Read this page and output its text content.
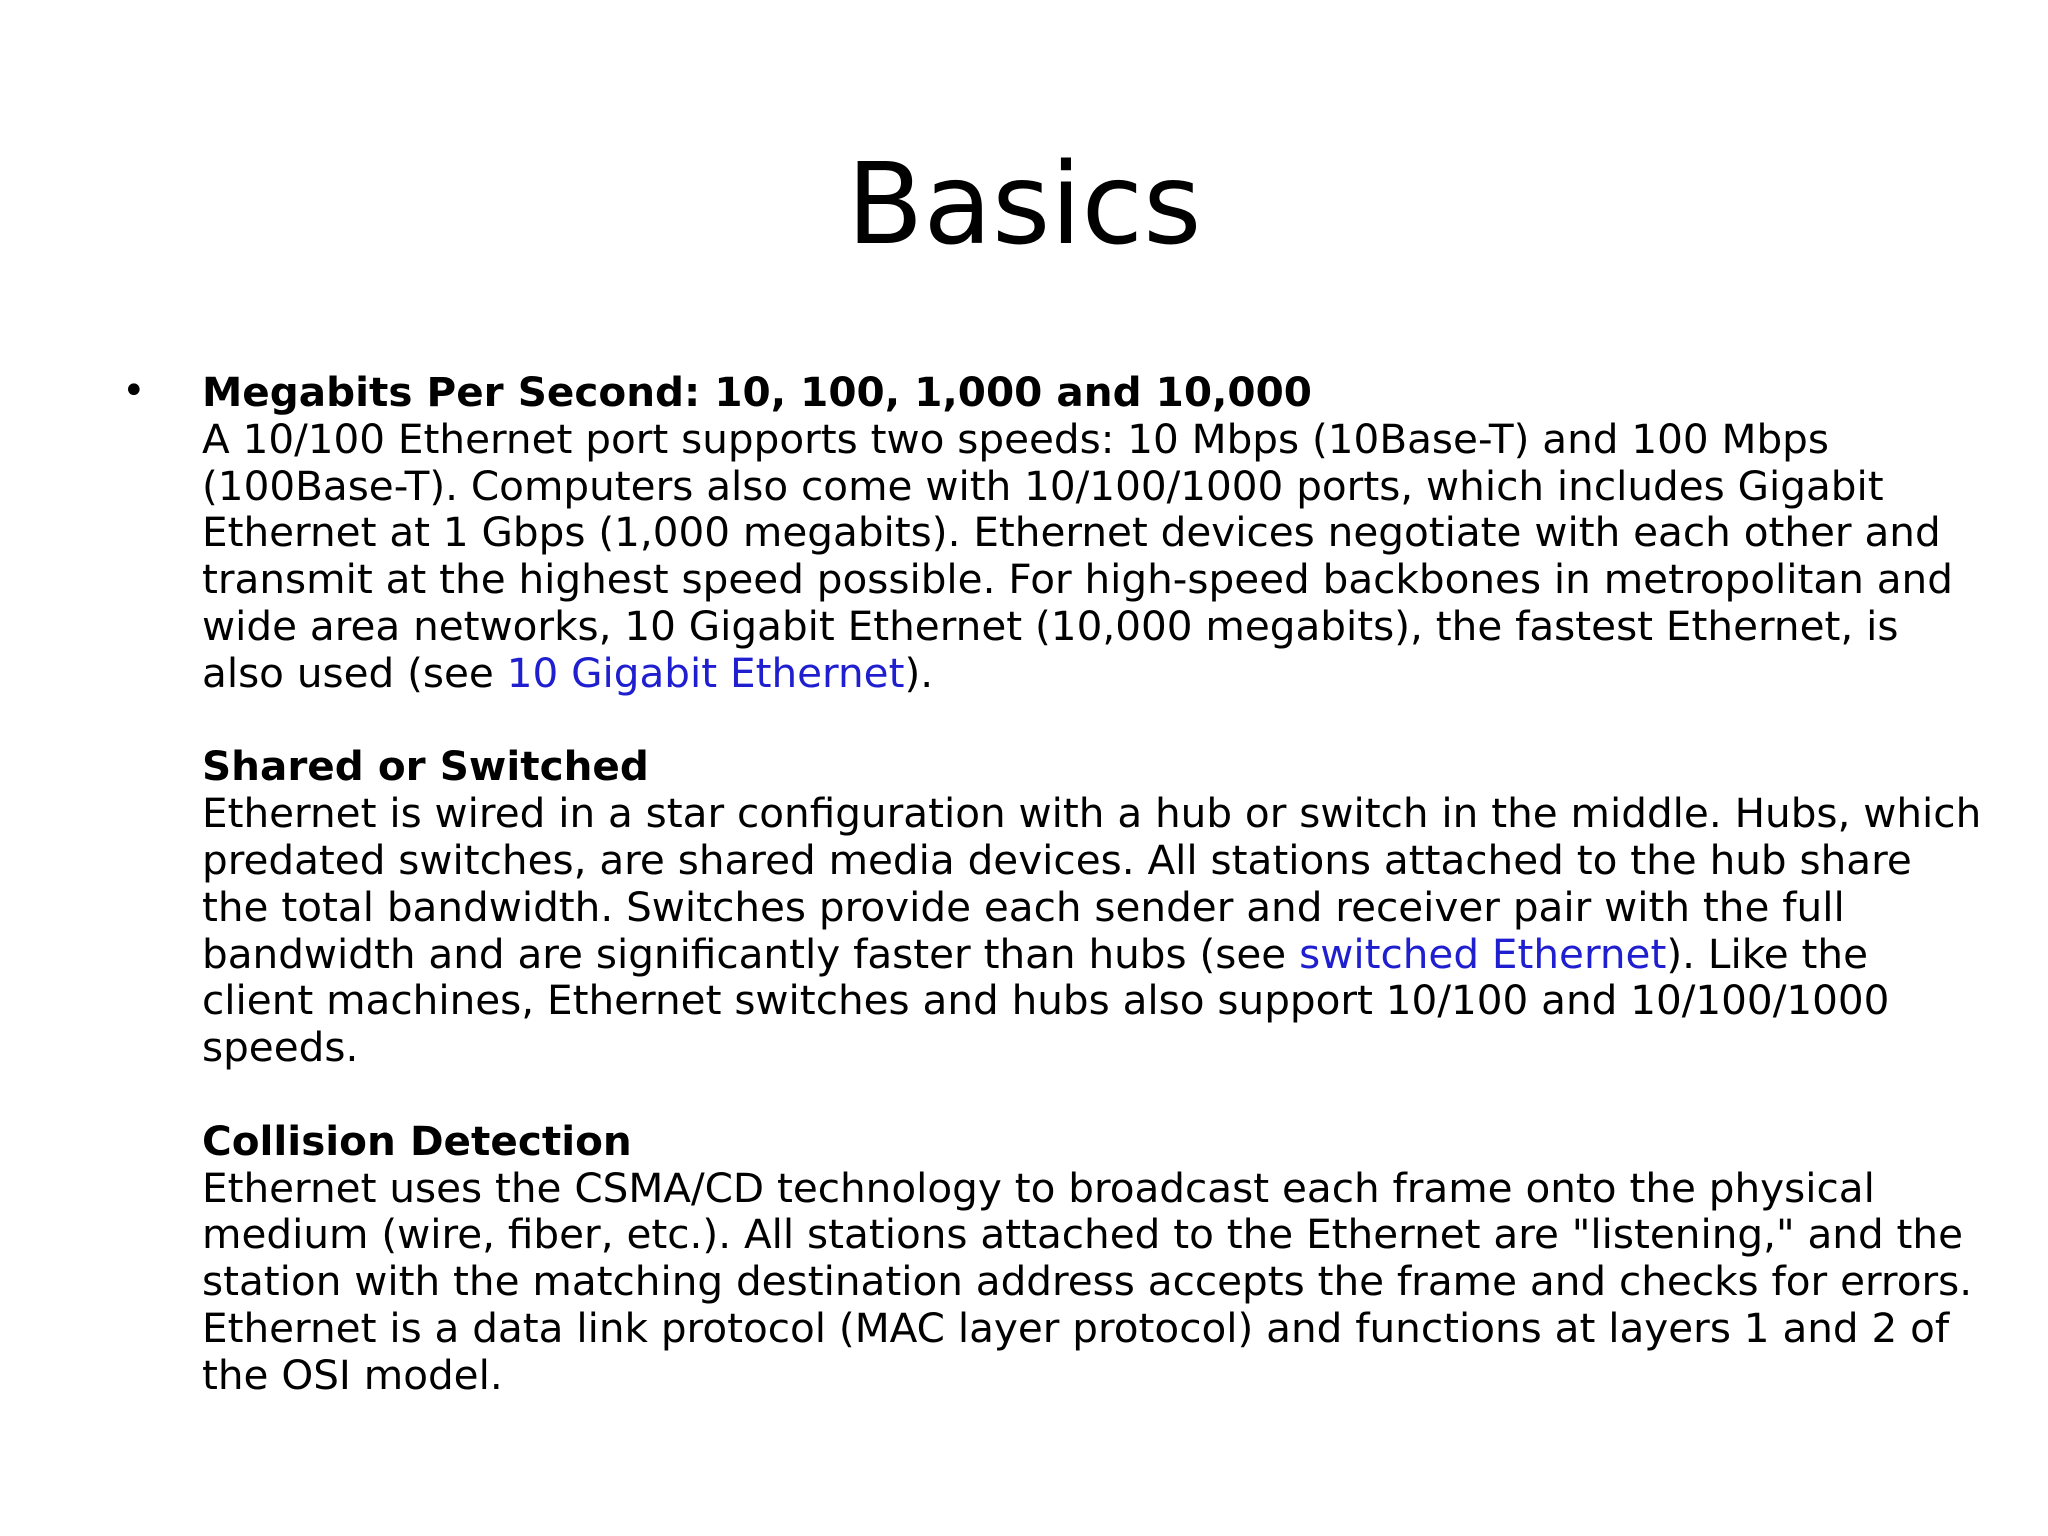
Basics
• Megabits Per Second: 10, 100, 1,000 and 10,000
A 10/100 Ethernet port supports two speeds: 10 Mbps (10Base-T) and 100 Mbps (100Base-T). Computers also come with 10/100/1000 ports, which includes Gigabit Ethernet at 1 Gbps (1,000 megabits). Ethernet devices negotiate with each other and transmit at the highest speed possible. For high-speed backbones in metropolitan and wide area networks, 10 Gigabit Ethernet (10,000 megabits), the fastest Ethernet, is also used (see 10 Gigabit Ethernet).
Shared or Switched
Ethernet is wired in a star configuration with a hub or switch in the middle. Hubs, which predated switches, are shared media devices. All stations attached to the hub share the total bandwidth. Switches provide each sender and receiver pair with the full bandwidth and are significantly faster than hubs (see switched Ethernet). Like the client machines, Ethernet switches and hubs also support 10/100 and 10/100/1000 speeds.
Collision Detection
Ethernet uses the CSMA/CD technology to broadcast each frame onto the physical medium (wire, fiber, etc.). All stations attached to the Ethernet are "listening," and the station with the matching destination address accepts the frame and checks for errors. Ethernet is a data link protocol (MAC layer protocol) and functions at layers 1 and 2 of the OSI model.
